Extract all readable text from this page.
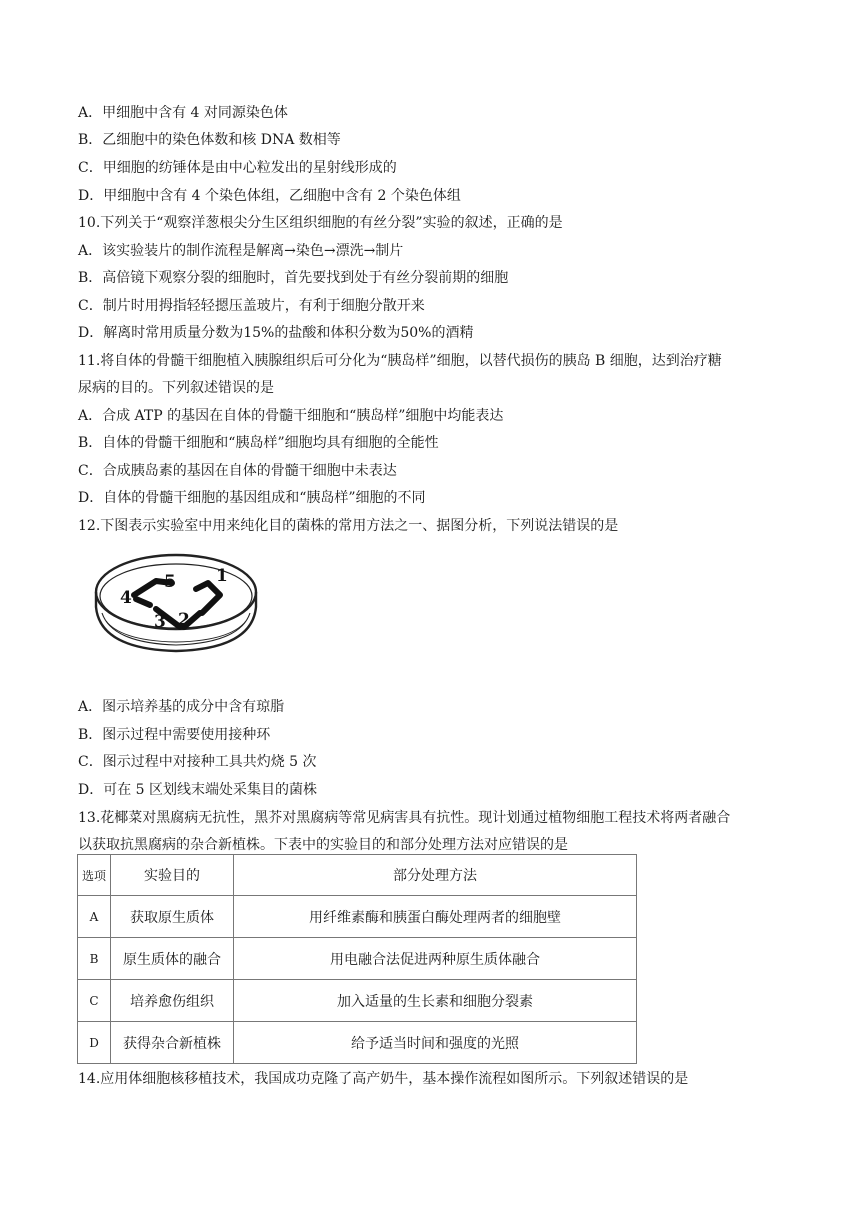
A．甲细胞中含有 4 对同源染色体
B．乙细胞中的染色体数和核 DNA 数相等
C．甲细胞的纺锤体是由中心粒发出的星射线形成的
D．甲细胞中含有 4 个染色体组，乙细胞中含有 2 个染色体组
10.下列关于“观察洋葱根尖分生区组织细胞的有丝分裂”实验的叙述，正确的是
A．该实验装片的制作流程是解离→染色→漂洗→制片
B．高倍镜下观察分裂的细胞时，首先要找到处于有丝分裂前期的细胞
C．制片时用拇指轻轻摁压盖玻片，有利于细胞分散开来
D．解离时常用质量分数为15%的盐酸和体积分数为50%的酒精
11.将自体的骨髓干细胞植入胰腺组织后可分化为“胰岛样”细胞，以替代损伤的胰岛 B 细胞，达到治疗糖
尿病的目的。下列叙述错误的是
A．合成 ATP 的基因在自体的骨髓干细胞和“胰岛样”细胞中均能表达
B．自体的骨髓干细胞和“胰岛样”细胞均具有细胞的全能性
C．合成胰岛素的基因在自体的骨髓干细胞中未表达
D．自体的骨髓干细胞的基因组成和“胰岛样”细胞的不同
12.下图表示实验室中用来纯化目的菌株的常用方法之一、据图分析，下列说法错误的是
1
2
3
4
5
A．图示培养基的成分中含有琼脂
B．图示过程中需要使用接种环
C．图示过程中对接种工具共灼烧 5 次
D．可在 5 区划线末端处采集目的菌株
13.花椰菜对黑腐病无抗性，黑芥对黑腐病等常见病害具有抗性。现计划通过植物细胞工程技术将两者融合
以获取抗黑腐病的杂合新植株。下表中的实验目的和部分处理方法对应错误的是
选项	实验目的	部分处理方法
A	获取原生质体	用纤维素酶和胰蛋白酶处理两者的细胞壁
B	原生质体的融合	用电融合法促进两种原生质体融合
C	培养愈伤组织	加入适量的生长素和细胞分裂素
D	获得杂合新植株	给予适当时间和强度的光照
14.应用体细胞核移植技术，我国成功克隆了高产奶牛，基本操作流程如图所示。下列叙述错误的是
